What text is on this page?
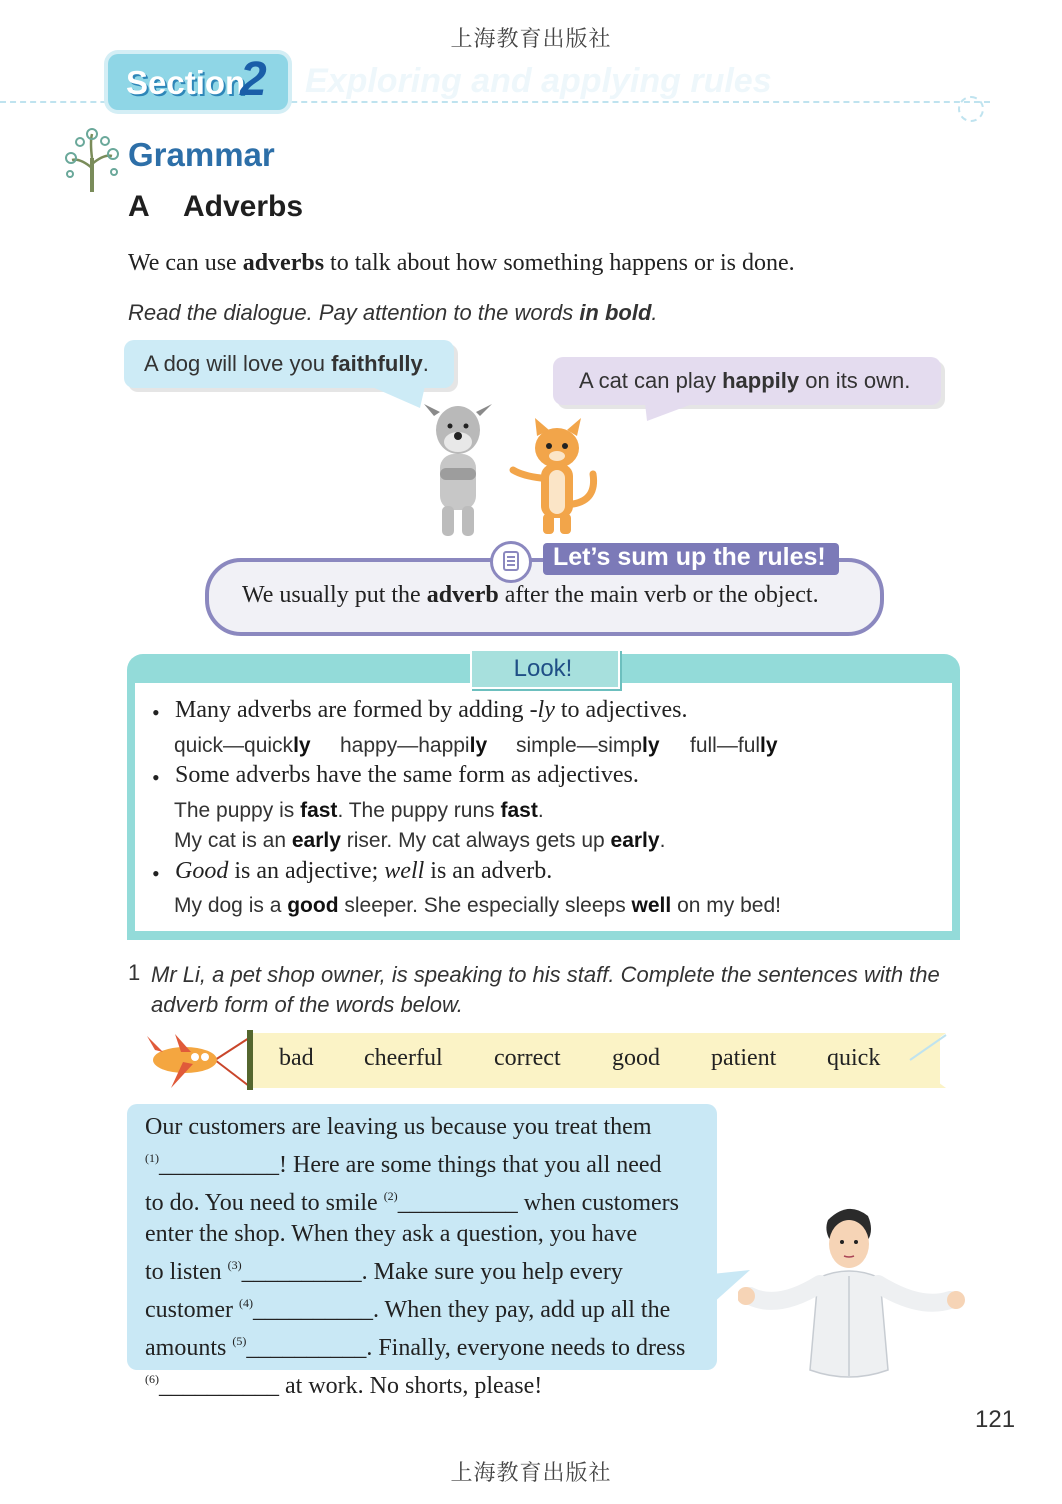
上海教育出版社
Section
2 Exploring and applying rules
Grammar
A Adverbs
We can use adverbs to talk about how something happens or is done.
Read the dialogue. Pay attention to the words in bold.
A dog will love you faithfully.
A cat can play happily on its own.
Let’s sum up the rules!
We usually put the adverb after the main verb or the object.
Look!
• Many adverbs are formed by adding -ly to adjectives.
quick—quickly happy—happily simple—simply full—fully
• Some adverbs have the same form as adjectives.
The puppy is fast. The puppy runs fast.
My cat is an early riser. My cat always gets up early.
• Good is an adjective; well is an adverb.
My dog is a good sleeper. She especially sleeps well on my bed!
1 Mr Li, a pet shop owner, is speaking to his staff. Complete the sentences with the adverb form of the words below.
bad cheerful correct good patient quick
Our customers are leaving us because you treat them
$^{(1)}$__________! Here are some things that you all need
to do. You need to smile $^{(2)}$__________ when customers
enter the shop. When they ask a question, you have
to listen $^{(3)}$__________. Make sure you help every
customer $^{(4)}$__________. When they pay, add up all the
amounts $^{(5)}$__________. Finally, everyone needs to dress
$^{(6)}$__________ at work. No shorts, please!
121
上海教育出版社
